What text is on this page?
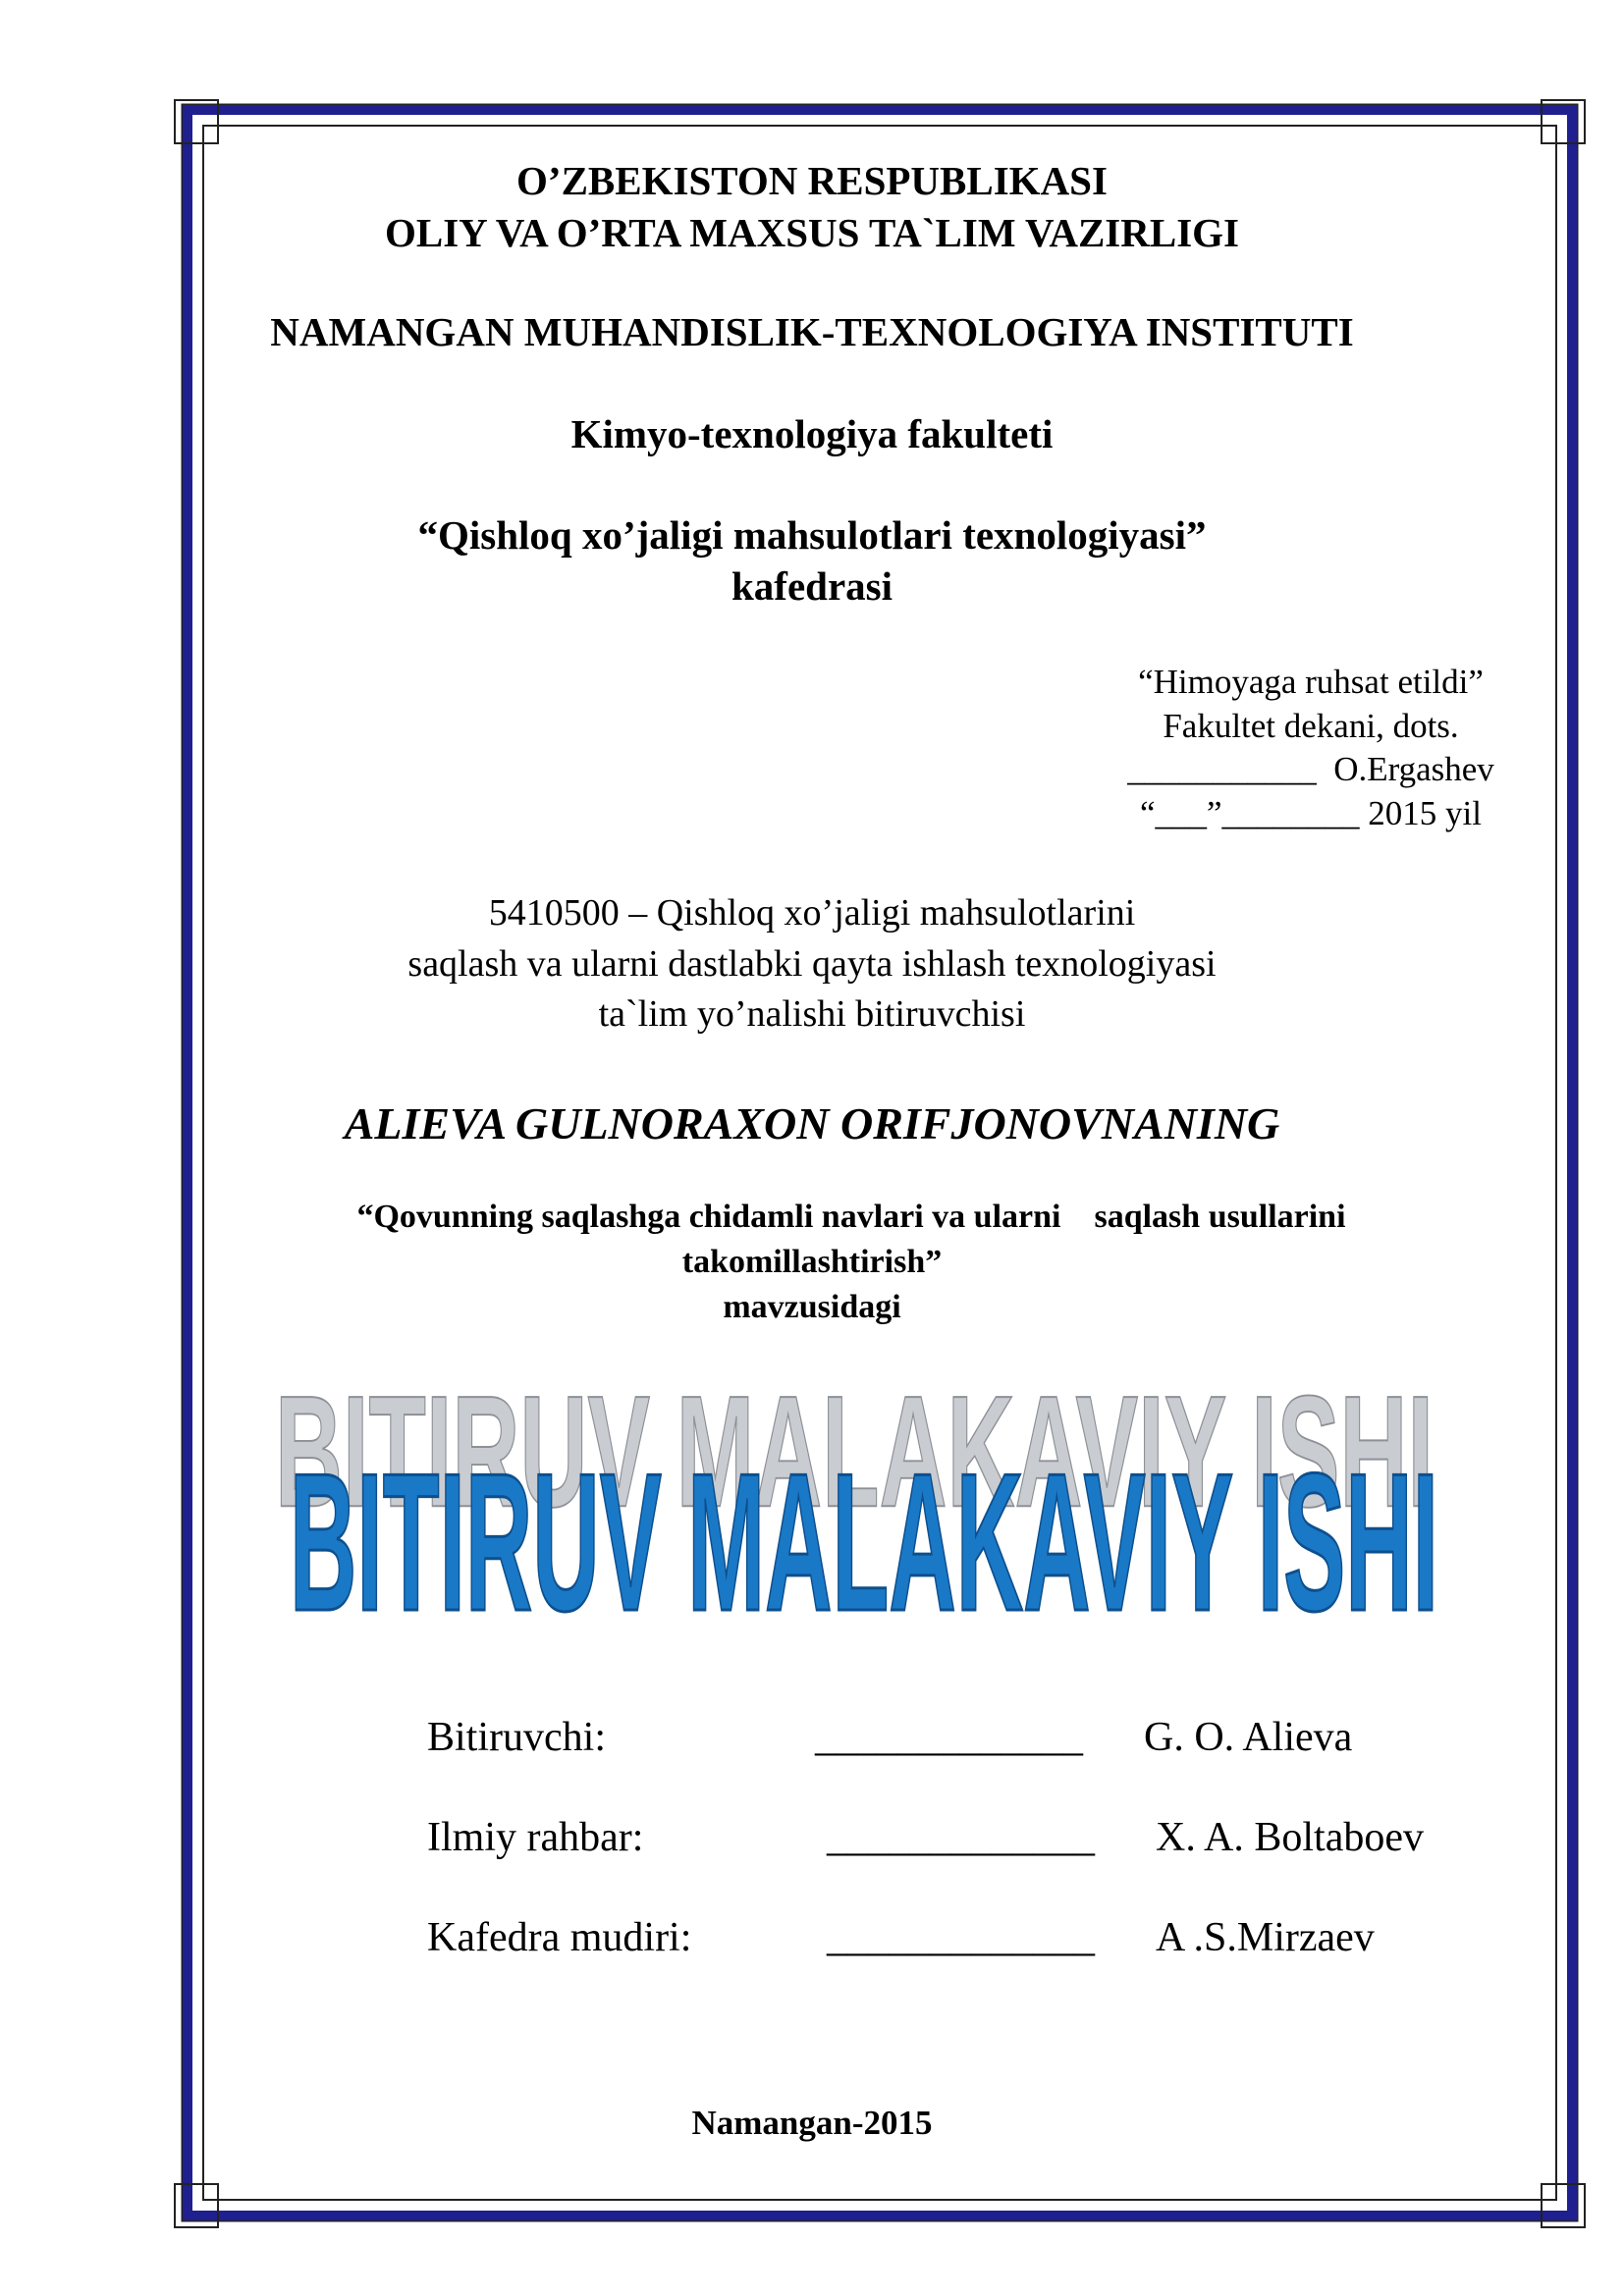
O’ZBEKISTON RESPUBLIKASI
OLIY VA O’RTA MAXSUS TA`LIM VAZIRLIGI
NAMANGAN MUHANDISLIK-TEXNOLOGIYA INSTITUTI
Kimyo-texnologiya fakulteti
“Qishloq xo’jaligi mahsulotlari texnologiyasi”
kafedrasi
“Himoyaga ruhsat etildi”
Fakultet dekani, dots.
___________ O.Ergashev
“___”________ 2015 yil
5410500 – Qishloq xo’jaligi mahsulotlarini
saqlash va ularni dastlabki qayta ishlash texnologiyasi
ta`lim yo’nalishi bitiruvchisi
ALIEVA GULNORAXON ORIFJONOVNANING
“Qovunning saqlashga chidamli navlari va ularni    saqlash usullarini
takomillashtirish”
mavzusidagi
BITIRUV MALAKAVIY ISHI
BITIRUV MALAKAVIY ISHI
Bitiruvchi:	_____________ G. O. Alieva
Ilmiy rahbar:	_____________ X. A. Boltaboev
Kafedra mudiri:	_____________ A .S.Mirzaev
Namangan-2015
